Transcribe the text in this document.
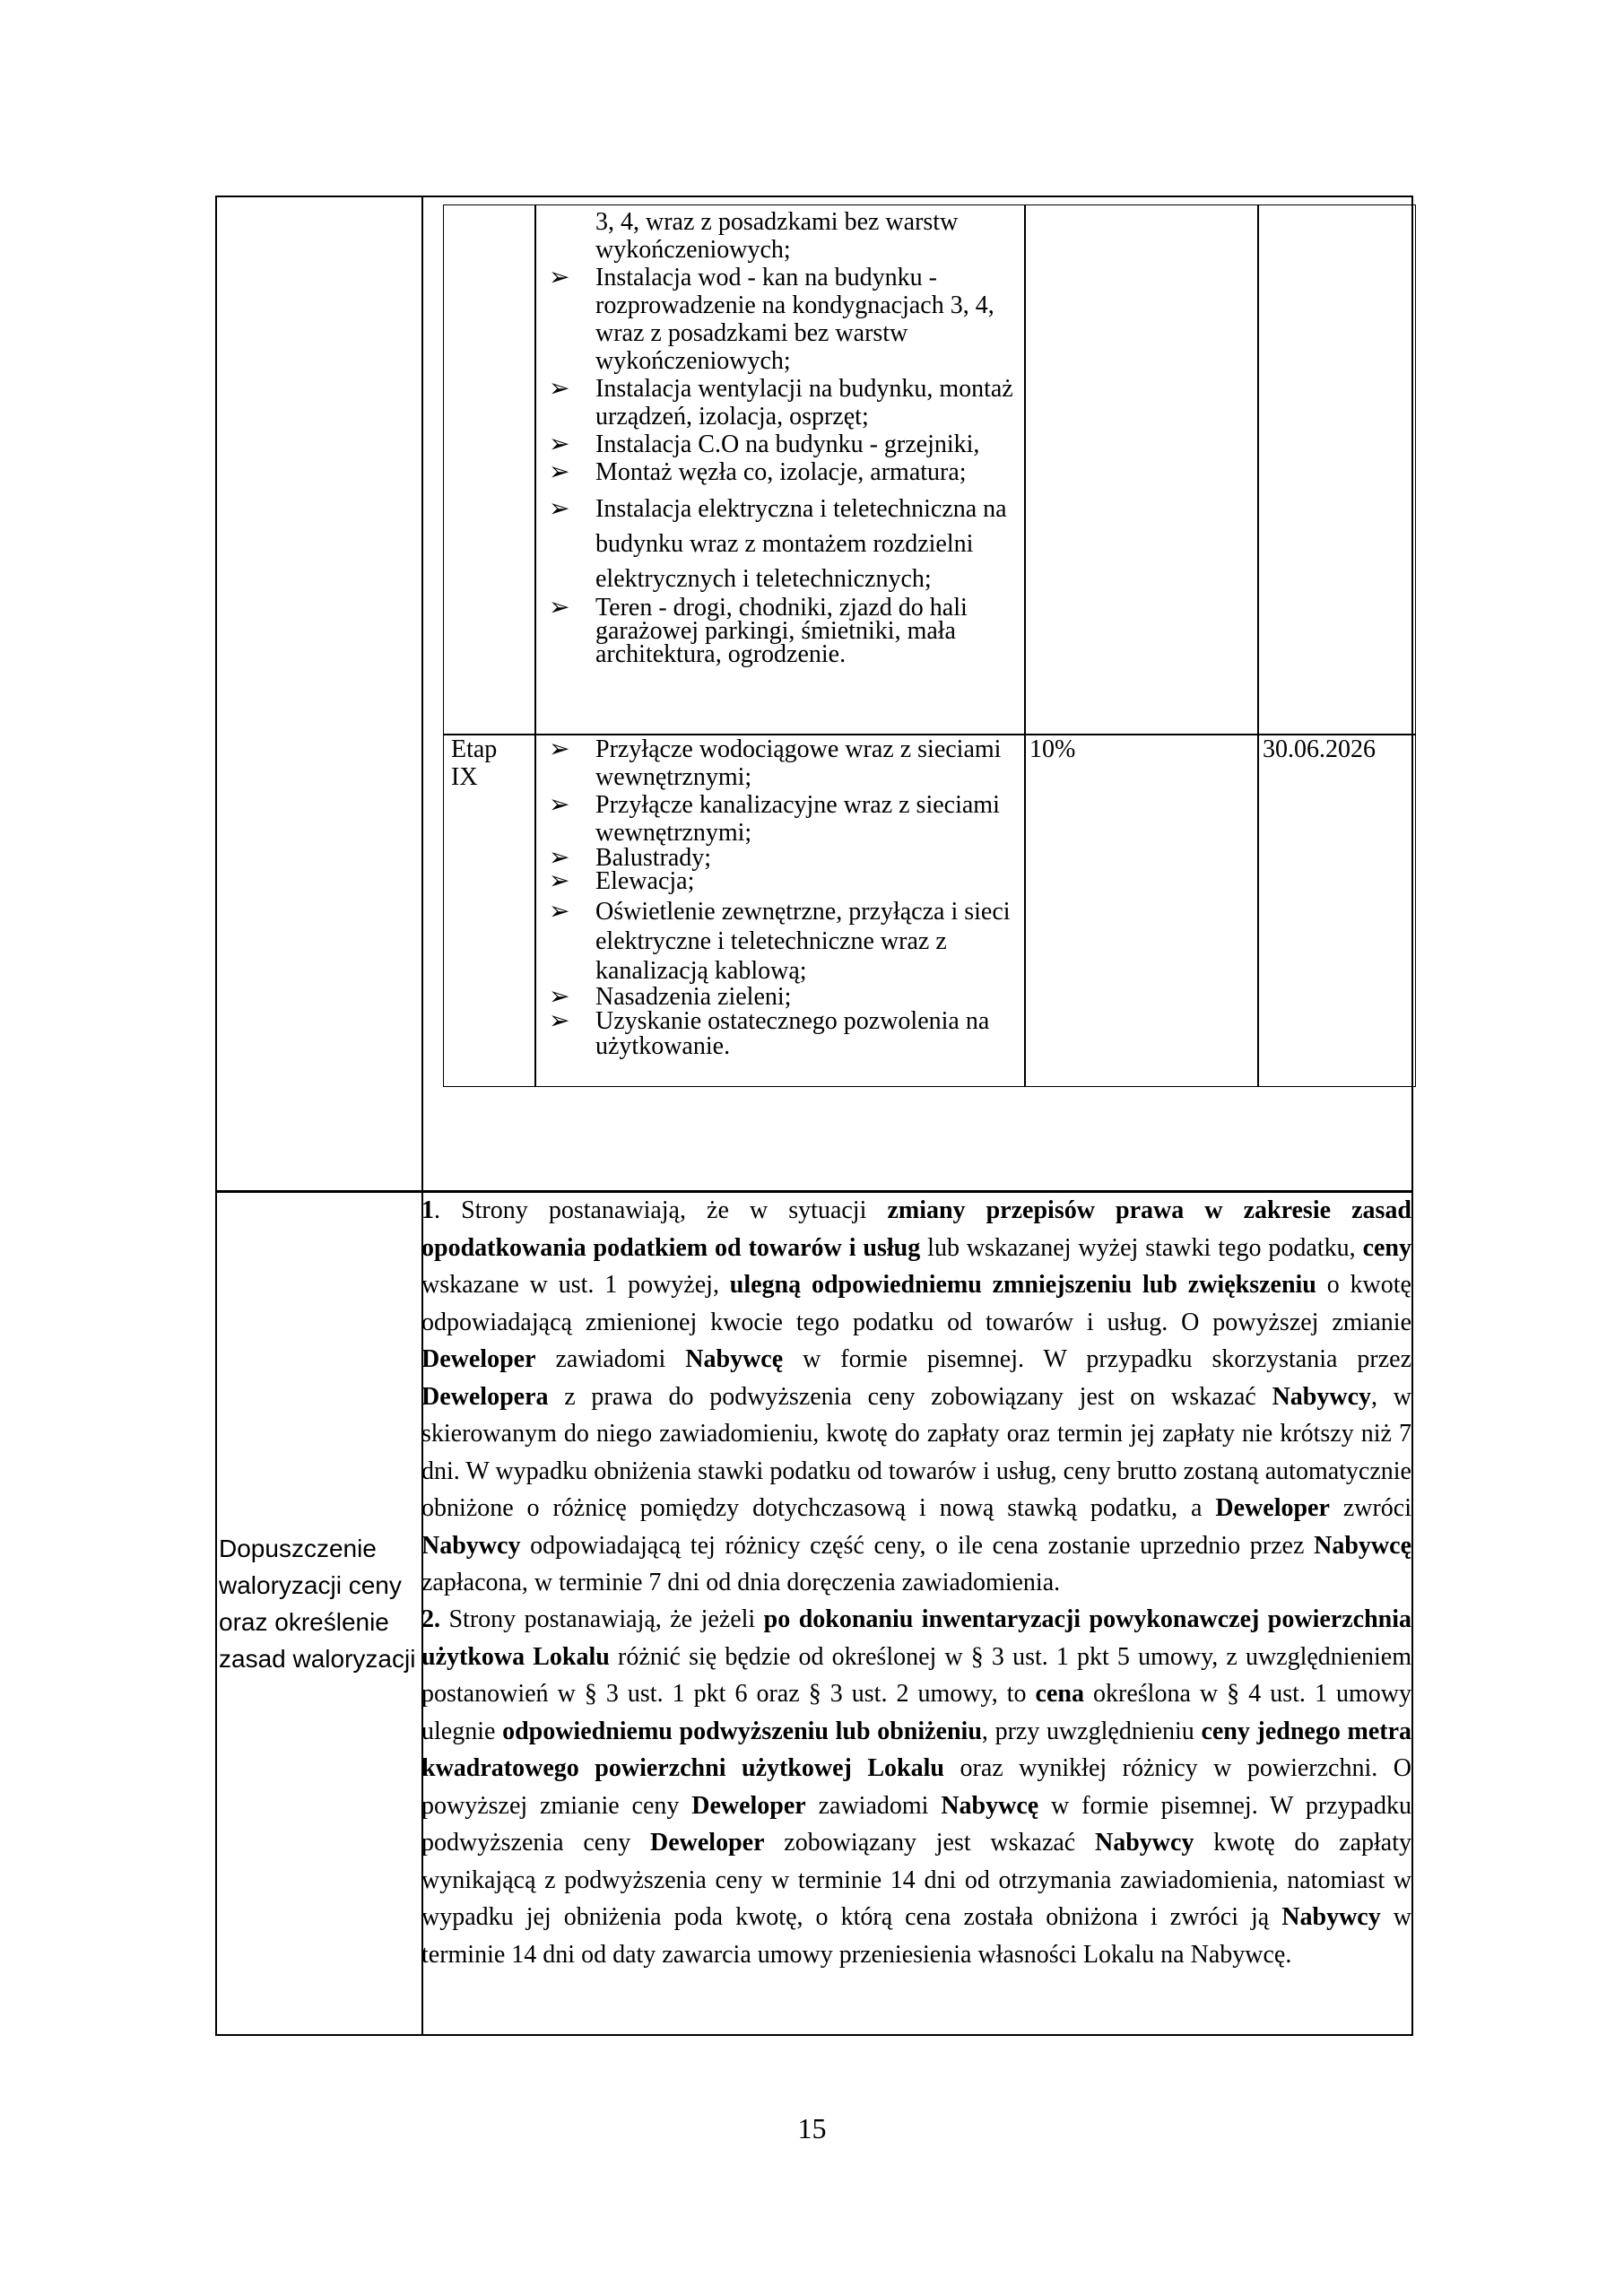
3, 4, wraz z posadzkami bez warstw wykończeniowych;
➢ Instalacja wod - kan na budynku - rozprowadzenie na kondygnacjach 3, 4, wraz z posadzkami bez warstw wykończeniowych;
➢ Instalacja wentylacji na budynku, montaż urządzeń, izolacja, osprzęt;
➢ Instalacja C.O na budynku - grzejniki,
➢ Montaż węzła co, izolacje, armatura;
➢ Instalacja elektryczna i teletechniczna na budynku wraz z montażem rozdzielni elektrycznych i teletechnicznych;
➢ Teren - drogi, chodniki, zjazd do hali garażowej parkingi, śmietniki, mała architektura, ogrodzenie.
Etap
IX
➢ Przyłącze wodociągowe wraz z sieciami wewnętrznymi;
➢ Przyłącze kanalizacyjne wraz z sieciami wewnętrznymi;
➢ Balustrady;
➢ Elewacja;
➢ Oświetlenie zewnętrzne, przyłącza i sieci elektryczne i teletechniczne wraz z kanalizacją kablową;
➢ Nasadzenia zieleni;
➢ Uzyskanie ostatecznego pozwolenia na użytkowanie.
10%	30.06.2026
Dopuszczenie waloryzacji ceny oraz określenie zasad waloryzacji
1. Strony postanawiają, że w sytuacji zmiany przepisów prawa w zakresie zasad opodatkowania podatkiem od towarów i usług lub wskazanej wyżej stawki tego podatku, ceny wskazane w ust. 1 powyżej, ulegną odpowiedniemu zmniejszeniu lub zwiększeniu o kwotę odpowiadającą zmienionej kwocie tego podatku od towarów i usług. O powyższej zmianie Deweloper zawiadomi Nabywcę w formie pisemnej. W przypadku skorzystania przez Dewelopera z prawa do podwyższenia ceny zobowiązany jest on wskazać Nabywcy, w skierowanym do niego zawiadomieniu, kwotę do zapłaty oraz termin jej zapłaty nie krótszy niż 7 dni. W wypadku obniżenia stawki podatku od towarów i usług, ceny brutto zostaną automatycznie obniżone o różnicę pomiędzy dotychczasową i nową stawką podatku, a Deweloper zwróci Nabywcy odpowiadającą tej różnicy część ceny, o ile cena zostanie uprzednio przez Nabywcę zapłacona, w terminie 7 dni od dnia doręczenia zawiadomienia.
2. Strony postanawiają, że jeżeli po dokonaniu inwentaryzacji powykonawczej powierzchnia użytkowa Lokalu różnić się będzie od określonej w § 3 ust. 1 pkt 5 umowy, z uwzględnieniem postanowień w § 3 ust. 1 pkt 6 oraz § 3 ust. 2 umowy, to cena określona w § 4 ust. 1 umowy ulegnie odpowiedniemu podwyższeniu lub obniżeniu, przy uwzględnieniu ceny jednego metra kwadratowego powierzchni użytkowej Lokalu oraz wynikłej różnicy w powierzchni. O powyższej zmianie ceny Deweloper zawiadomi Nabywcę w formie pisemnej. W przypadku podwyższenia ceny Deweloper zobowiązany jest wskazać Nabywcy kwotę do zapłaty wynikającą z podwyższenia ceny w terminie 14 dni od otrzymania zawiadomienia, natomiast w wypadku jej obniżenia poda kwotę, o którą cena została obniżona i zwróci ją Nabywcy w terminie 14 dni od daty zawarcia umowy przeniesienia własności Lokalu na Nabywcę.
15
